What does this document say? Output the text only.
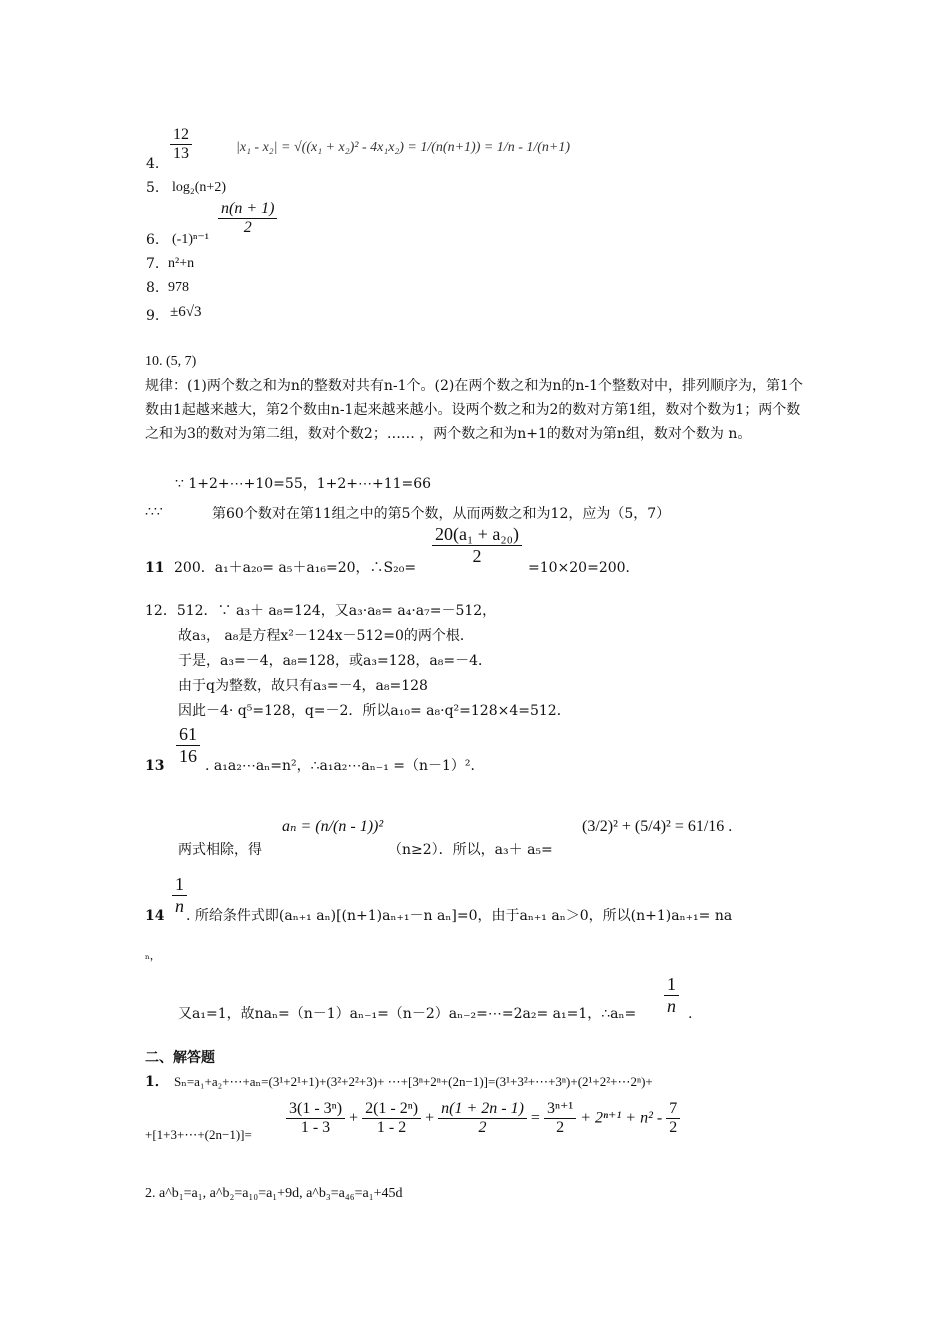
4.
$\frac{12}{13}$	|x₁ - x₂| = √((x₁ + x₂)² - 4x₁x₂) = 1/(n(n+1)) = 1/n - 1/(n+1)
5. log₂(n+2)
6. (-1)ⁿ⁻¹
$\frac{n(n + 1)}{2}$
7. n²+n
8. 978
9. ±6√3
10. (5, 7)
规律：(1)两个数之和为n的整数对共有n-1个。(2)在两个数之和为n的n-1个整数对中，排列顺序为，第1个数由1起越来越大，第2个数由n-1起来越来越小。设两个数之和为2的数对方第1组，数对个数为1；两个数之和为3的数对为第二组，数对个数2；…… ，两个数之和为n+1的数对为第n组，数对个数为 n。
∵ 1+2+⋯+10=55，1+2+⋯+11=66
∴∵	第60个数对在第11组之中的第5个数，从而两数之和为12，应为（5，7）
11 200．a₁＋a₂₀= a₅＋a₁₆=20，∴S₂₀=
$\frac{\text{20(a₁ + a₂₀)}}{2}$
=10×20=200．
12．512．∵ a₃＋ a₈=124，又a₃·a₈= a₄·a₇=－512，
故a₃， a₈是方程x²－124x－512=0的两个根．
于是，a₃=－4，a₈=128，或a₃=128，a₈=－4．
由于q为整数，故只有a₃=－4，a₈=128
因此－4· q⁵=128，q=－2．所以a₁₀= a₈·q²=128×4=512．
$13 \frac{61}{16}$ . a₁a₂⋯aₙ=n²，∴a₁a₂⋯aₙ₋₁ =（n－1）²．
两式相除，得
aₙ = (n/(n - 1))²
（n≥2）．所以，a₃＋ a₅=
(3/2)² + (5/4)² = 61/16 .
$\frac{1}{n}$
14 . 所给条件式即(aₙ₊₁ aₙ)[(n+1)aₙ₊₁－n aₙ]=0，由于aₙ₊₁ aₙ＞0，所以(n+1)aₙ₊₁= na
ₙ，
又a₁=1，故naₙ=（n－1）aₙ₋₁=（n－2）aₙ₋₂=⋯=2a₂= a₁=1，∴aₙ= $\frac{1}{n}$ .
二、解答题
1． Sₙ=a₁+a₂+⋯+aₙ=(3¹+2¹+1)+(3²+2²+3)+ ⋯+[3ⁿ+2ⁿ+(2n−1)]=(3¹+3²+⋯+3ⁿ)+(2¹+2²+⋯2ⁿ)+
+[1+3+⋯+(2n−1)]= $\frac{\text{3(1 - 3ⁿ)}}{1 - 3} + \frac{\text{2(1 - 2ⁿ)}}{1 - 2} + \frac{n(1 + 2n - 1)}{2} = \frac{\text{3ⁿ⁺¹}}{2} + 2^{n+1} + n^2 - \frac{7}{2}$
2. a^b₁=a₁, a^b₂=a₁₀=a₁+9d, a^b₃=a₄₆=a₁+45d
